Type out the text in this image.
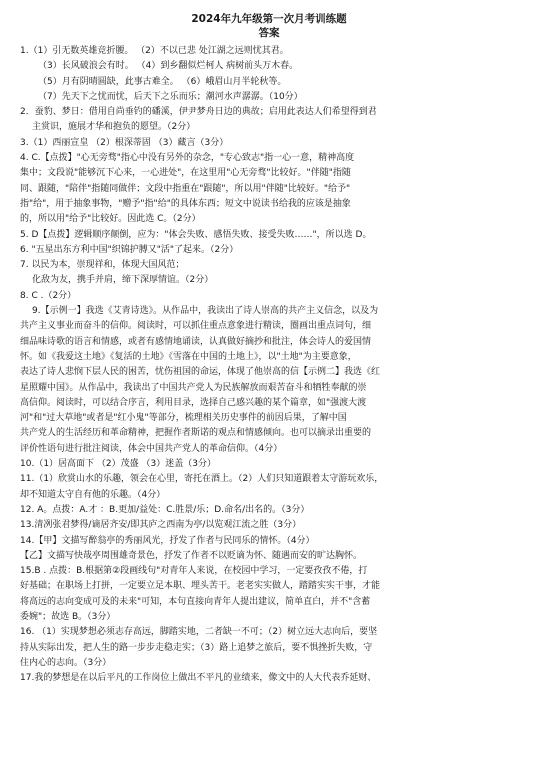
2024年九年级第一次月考训练题
答案
1.（1）引无数英雄竞折腰。 （2）不以已悲 处江湖之远则忧其君。
（3）长风破浪会有时。 （4）到乡翻似烂柯人 病树前头万木春。
（5）月有阴晴圆缺，此事古难全。 （6）峨眉山月半轮秋等。
（7）先天下之忧而忧，后天下之乐而乐；潮河水声潺潺。（10分）
2．蚕豹、梦日：借用自尚垂钓的磻溪，伊尹梦舟日边的典故；启用此表达人们希望得到君
主赏识，施展才华和抱负的愿望。（2分）
3.（1）西丽宣皇 （2）根深蒂固 （3）藏言（3分）
4. C.【点拨】"心无旁骛"指心中没有另外的杂念，"专心致志"指一心一意，精神高度
集中；文段说"能够沉下心来，一心进处"，在这里用"心无旁骛"比较好。"伴随"指随
同、跟随，"陪伴"指随同做伴；文段中指重在"跟随"，所以用"伴随"比较好。"给予"
指"给"，用于抽象事物，"赠予"指"给"的具体东西；短文中说读书给我的应该是抽象
的，所以用"给予"比较好。因此选 C。（2分）
5. D【点拨】逻辑顺序颠倒，应为："体会失败、感悟失败、接受失败……"，所以选 D。
6. "五星出东方利中国"织锦护膊又"活"了起来。（2分）
7. 以民为本，崇现祥和，体现大国风范；
化敌为友，携手并肩，缔下深厚情谊。（2分）
8. C .（2分）
9.【示例一】我选《艾青诗选》。从作品中，我读出了诗人崇高的共产主义信念，以及为
共产主义事业而奋斗的信仰。阅读时，可以抓住重点意象进行精读，圈画出重点词句，细
细品味诗歌的语言和情感，或者有感情地诵读，认真做好摘抄和批注，体会诗人的爱国情
怀。如《我爱这土地》《复活的土地》《雪落在中国的土地上》，以"土地"为主要意象，
表达了诗人悲悯下层人民的困苦，忧伤祖国的命运，体现了他崇高的信【示例二】我选《红
星照耀中国》。从作品中，我读出了中国共产党人为民族解放而艰苦奋斗和牺牲奉献的崇
高信仰。阅读时，可以结合序言，利用目录，选择自己感兴趣的某个篇章，如"强渡大渡
河"和"过大草地"或者是"红小鬼"等部分，梳理相关历史事件的前因后果，了解中国
共产党人的生活经历和革命精神，把握作者斯诺的观点和情感倾向。也可以摘录出重要的
评价性语句进行批注阅读，体会中国共产党人的革命信仰。（4分）
10.（1）居高面下 （2）茂盛 （3）迷盖（3分）
11.（1）欣赏山水的乐趣，领会在心里，寄托在酒上。（2）人们只知道跟着太守游玩欢乐，
却不知道太守自有他的乐趣。（4分）
12. A。点拨：A.才 ：B.更加/益处：C.胜景/乐；D.命名/出名的。（3分）
13.清冽张君梦得/谪居齐安/即其庐之西南为亭/以览观江流之胜（3分）
14.【甲】文描写醉翁亭的秀丽风光，抒发了作者与民同乐的情怀。（4分）
【乙】文描写快哉亭周围雄奇景色，抒发了作者不以贬谪为怀、随遇而安的旷达胸怀。
15.B . 点拨：B.根据第②段画线句"对青年人来说，在校园中学习，一定要孜孜不倦，打
好基础；在职场上打拼，一定要立足本职、埋头苦干。老老实实做人，踏踏实实干事，才能
将高远的志向变成可及的未来"可知，本句直接向青年人提出建议，简单直白，并不"含蓄
委婉"；故选 B。（3分）
16. （1）实现梦想必须志存高远，脚踏实地，二者缺一不可；（2）树立远大志向后，要坚
持从实际出发，把人生的路一步步走稳走实；（3）路上追梦之旅后，要不惧挫折失败，守
住内心的志向。（3分）
17.我的梦想是在以后平凡的工作岗位上做出不平凡的业绩来，像文中的人大代表乔延财、
